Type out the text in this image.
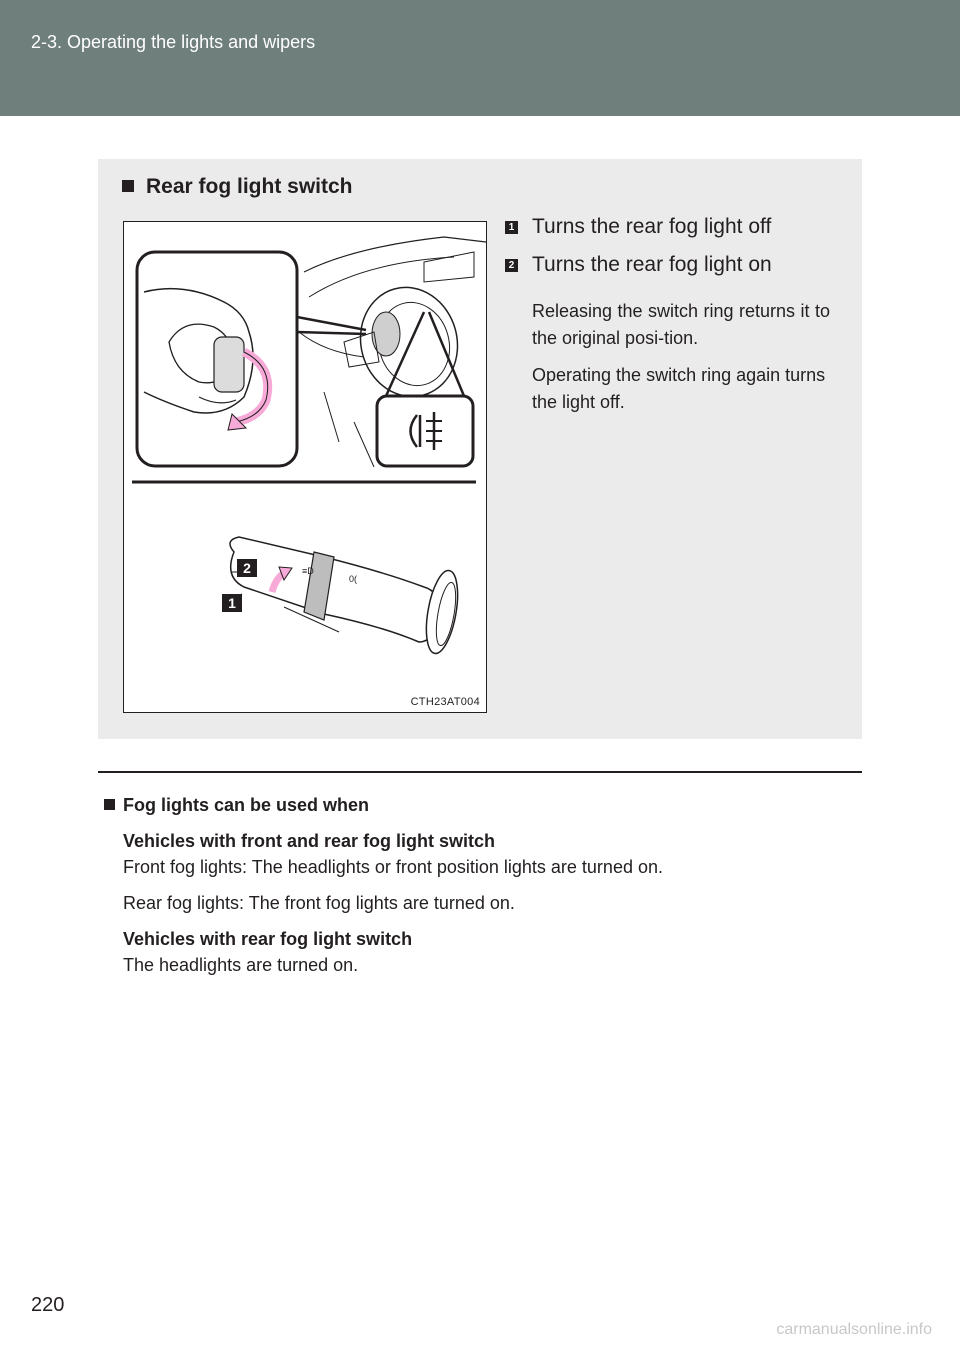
2-3. Operating the lights and wipers
Rear fog light switch
≡D
0(
2
1
CTH23AT004
1 Turns the rear fog light off
2 Turns the rear fog light on
Releasing the switch ring returns it to the original posi-tion.
Operating the switch ring again turns the light off.
Fog lights can be used when
Vehicles with front and rear fog light switch
Front fog lights: The headlights or front position lights are turned on.
Rear fog lights: The front fog lights are turned on.
Vehicles with rear fog light switch
The headlights are turned on.
220
carmanualsonline.info
